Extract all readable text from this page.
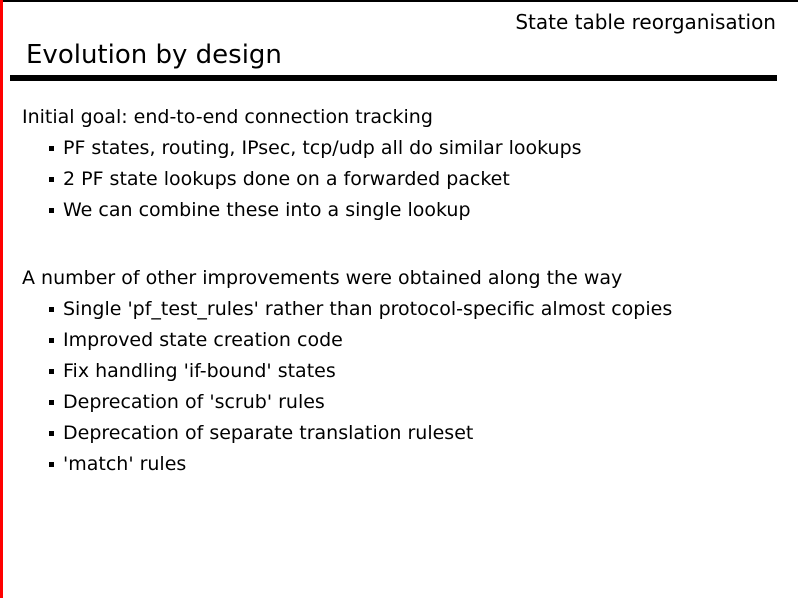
State table reorganisation
Evolution by design
Initial goal: end-to-end connection tracking
PF states, routing, IPsec, tcp/udp all do similar lookups
2 PF state lookups done on a forwarded packet
We can combine these into a single lookup
A number of other improvements were obtained along the way
Single 'pf_test_rules' rather than protocol-specific almost copies
Improved state creation code
Fix handling 'if-bound' states
Deprecation of 'scrub' rules
Deprecation of separate translation ruleset
'match' rules
